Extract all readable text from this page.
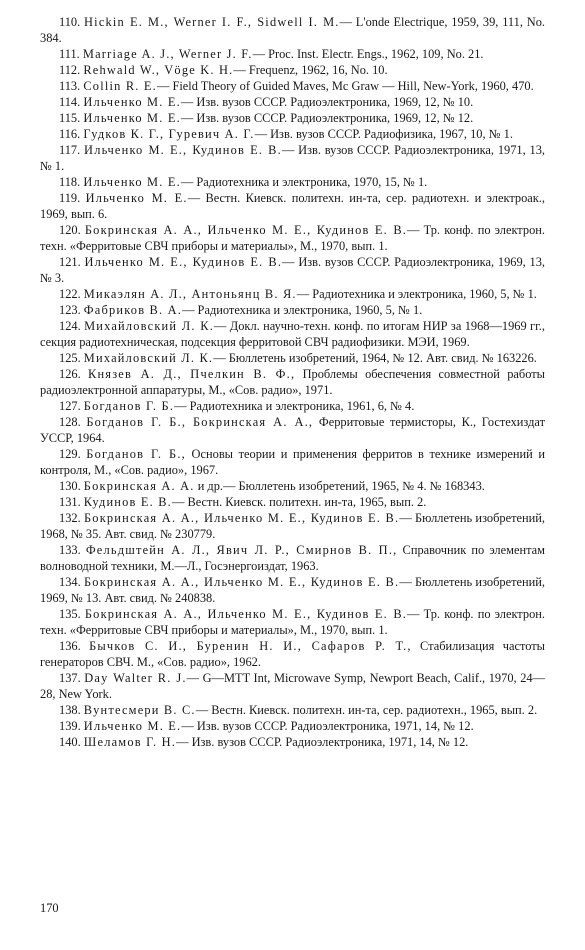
110. Hickin E. M., Werner I. F., Sidwell I. M.— L'onde Electrique, 1959, 39, 111, No. 384.

111. Marriage A. J., Werner J. F.— Proc. Inst. Electr. Engs., 1962, 109, No. 21.

112. Rehwald W., Vöge K. H.— Frequenz, 1962, 16, No. 10.

113. Collin R. E.— Field Theory of Guided Maves, Mc Graw — Hill, New-York, 1960, 470.

114. Ильченко М. Е.— Изв. вузов СССР. Радиоэлектроника, 1969, 12, № 10.

115. Ильченко М. Е.— Изв. вузов СССР. Радиоэлектроника, 1969, 12, № 12.

116. Гудков К. Г., Гуревич А. Г.— Изв. вузов СССР. Радиофизика, 1967, 10, № 1.

117. Ильченко М. Е., Кудинов Е. В.— Изв. вузов СССР. Радиоэлектроника, 1971, 13, № 1.

118. Ильченко М. Е.— Радиотехника и электроника, 1970, 15, № 1.

119. Ильченко М. Е.— Вестн. Киевск. политехн. ин-та, сер. радиотехн. и электроак., 1969, вып. 6.

120. Бокринская А. А., Ильченко М. Е., Кудинов Е. В.— Тр. конф. по электрон. техн. «Ферритовые СВЧ приборы и материалы», М., 1970, вып. 1.

121. Ильченко М. Е., Кудинов Е. В.— Изв. вузов СССР. Радиоэлектроника, 1969, 13, № 3.

122. Микаэлян А. Л., Антоньянц В. Я.— Радиотехника и электроника, 1960, 5, № 1.

123. Фабриков В. А.— Радиотехника и электроника, 1960, 5, № 1.

124. Михайловский Л. К.— Докл. научно-техн. конф. по итогам НИР за 1968—1969 гг., секция радиотехническая, подсекция ферритовой СВЧ радиофизики. МЭИ, 1969.

125. Михайловский Л. К.— Бюллетень изобретений, 1964, № 12. Авт. свид. № 163226.

126. Князев А. Д., Пчелкин В. Ф., Проблемы обеспечения совместной работы радиоэлектронной аппаратуры, М., «Сов. радио», 1971.

127. Богданов Г. Б.— Радиотехника и электроника, 1961, 6, № 4.

128. Богданов Г. Б., Бокринская А. А., Ферритовые термисторы, К., Гостехиздат УССР, 1964.

129. Богданов Г. Б., Основы теории и применения ферритов в технике измерений и контроля, М., «Сов. радио», 1967.

130. Бокринская А. А. и др.— Бюллетень изобретений, 1965, № 4. № 168343.

131. Кудинов Е. В.— Вестн. Киевск. политехн. ин-та, 1965, вып. 2.

132. Бокринская А. А., Ильченко М. Е., Кудинов Е. В.— Бюллетень изобретений, 1968, № 35. Авт. свид. № 230779.

133. Фельдштейн А. Л., Явич Л. Р., Смирнов В. П., Справочник по элементам волноводной техники, М.—Л., Госэнергоиздат, 1963.

134. Бокринская А. А., Ильченко М. Е., Кудинов Е. В.— Бюллетень изобретений, 1969, № 13. Авт. свид. № 240838.

135. Бокринская А. А., Ильченко М. Е., Кудинов Е. В.— Тр. конф. по электрон. техн. «Ферритовые СВЧ приборы и материалы», М., 1970, вып. 1.

136. Бычков С. И., Буренин Н. И., Сафаров Р. Т., Стабилизация частоты генераторов СВЧ. М., «Сов. радио», 1962.

137. Day Walter R. J.— G—MTT Int, Microwave Symp, Newport Beach, Calif., 1970, 24—28, New York.

138. Вунтесмери В. С.— Вестн. Киевск. политехн. ин-та, сер. радиотехн., 1965, вып. 2.

139. Ильченко М. Е.— Изв. вузов СССР. Радиоэлектроника, 1971, 14, № 12.

140. Шеламов Г. Н.— Изв. вузов СССР. Радиоэлектроника, 1971, 14, № 12.

170
